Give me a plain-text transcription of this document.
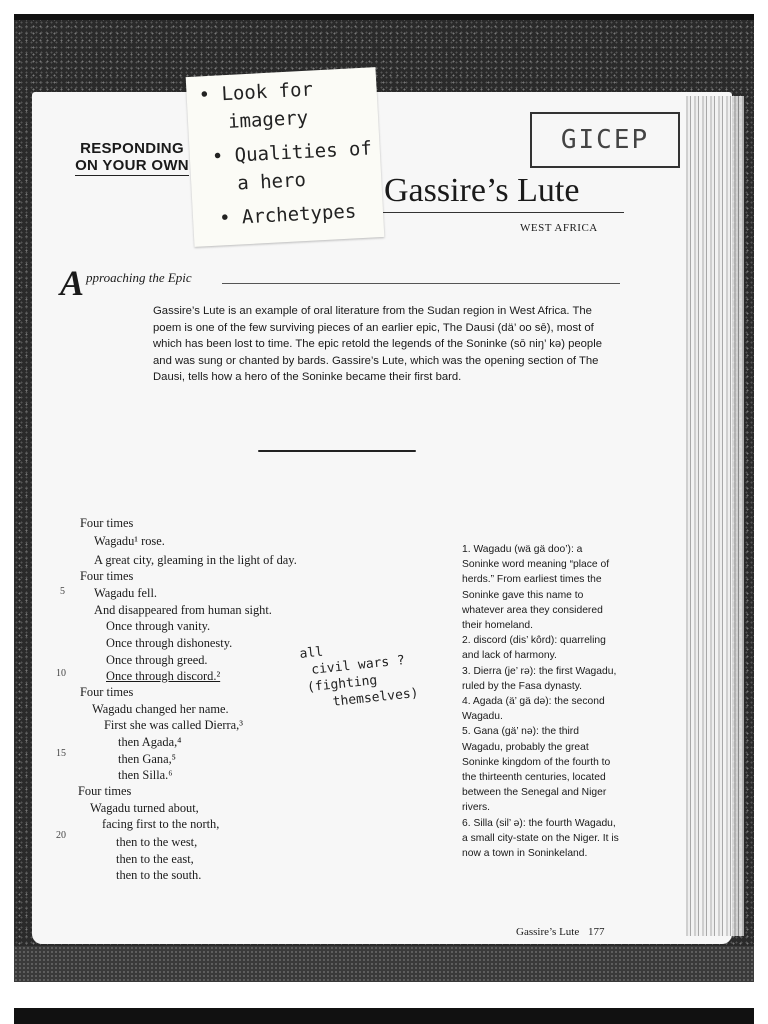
RESPONDING
ON YOUR OWN
GICEP
Gassire’s Lute
WEST AFRICA
• Look for
imagery
• Qualities of
a hero
• Archetypes
A pproaching the Epic

Gassire’s Lute is an example of oral literature from the Sudan region in West Africa. The poem is one of the few surviving pieces of an earlier epic, The Dausi (dä’ oo sē), most of which has been lost to time. The epic retold the legends of the Soninke (sō niŋ’ kə) people and was sung or chanted by bards. Gassire’s Lute, which was the opening section of The Dausi, tells how a hero of the Soninke became their first bard.

Four times
Wagadu¹ rose.
A great city, gleaming in the light of day.
Four times
Wagadu fell.
And disappeared from human sight.
Once through vanity.
Once through dishonesty.
Once through greed.
Once through discord.²
Four times
Wagadu changed her name.
First she was called Dierra,³
then Agada,⁴
then Gana,⁵
then Silla.⁶
Four times
Wagadu turned about,
facing first to the north,
then to the west,
then to the east,
then to the south.
5
10
15
20
all
civil wars ?
(fighting
themselves)

1. Wagadu (wä gä doo’): a Soninke word meaning “place of herds.” From earliest times the Soninke gave this name to whatever area they considered their homeland.

2. discord (dis’ kôrd): quarreling and lack of harmony.

3. Dierra (je’ rə): the first Wagadu, ruled by the Fasa dynasty.

4. Agada (ä’ gä də): the second Wagadu.

5. Gana (gä’ nə): the third Wagadu, probably the great Soninke kingdom of the fourth to the thirteenth centuries, located between the Senegal and Niger rivers.

6. Silla (sil’ ə): the fourth Wagadu, a small city-state on the Niger. It is now a town in Soninkeland.

Gassire’s Lute 177
